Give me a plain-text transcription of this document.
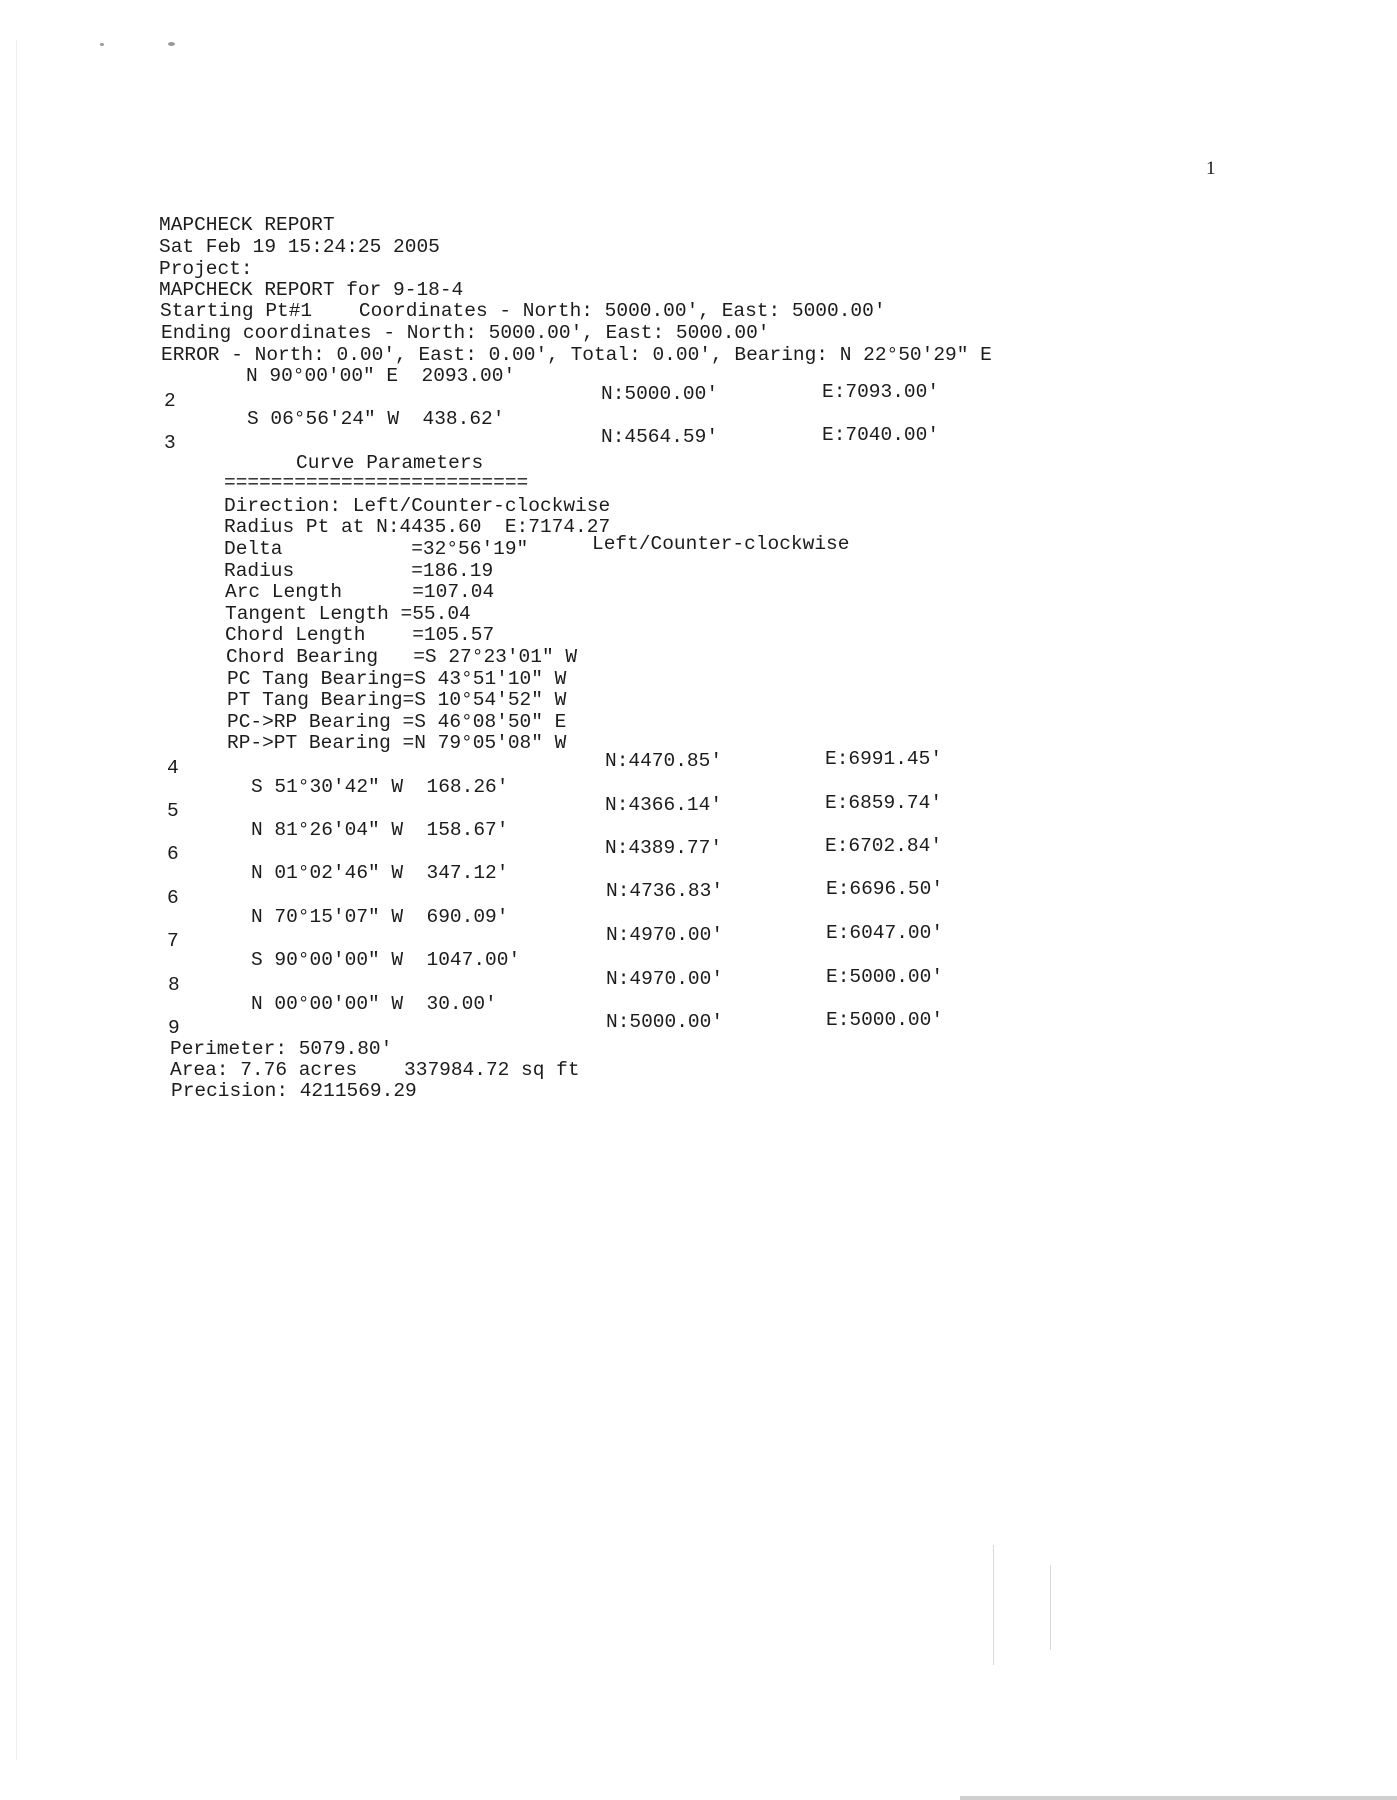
1
MAPCHECK REPORT
Sat Feb 19 15:24:25 2005
Project:
MAPCHECK REPORT for 9-18-4
Starting Pt#1    Coordinates - North: 5000.00', East: 5000.00'
Ending coordinates - North: 5000.00', East: 5000.00'
ERROR - North: 0.00', East: 0.00', Total: 0.00', Bearing: N 22°50'29" E
N 90°00'00" E  2093.00'
2	N:5000.00'	E:7093.00'
S 06°56'24" W  438.62'
3	N:4564.59'	E:7040.00'
Curve Parameters
==========================
Direction: Left/Counter-clockwise
Radius Pt at N:4435.60  E:7174.27
Delta           =32°56'19"	Left/Counter-clockwise
Radius          =186.19
Arc Length      =107.04
Tangent Length =55.04
Chord Length    =105.57
Chord Bearing   =S 27°23'01" W
PC Tang Bearing=S 43°51'10" W
PT Tang Bearing=S 10°54'52" W
PC->RP Bearing =S 46°08'50" E
RP->PT Bearing =N 79°05'08" W
4	N:4470.85'	E:6991.45'
S 51°30'42" W  168.26'
5	N:4366.14'	E:6859.74'
N 81°26'04" W  158.67'
6	N:4389.77'	E:6702.84'
N 01°02'46" W  347.12'
6	N:4736.83'	E:6696.50'
N 70°15'07" W  690.09'
7	N:4970.00'	E:6047.00'
S 90°00'00" W  1047.00'
8	N:4970.00'	E:5000.00'
N 00°00'00" W  30.00'
9	N:5000.00'	E:5000.00'
Perimeter: 5079.80'
Area: 7.76 acres    337984.72 sq ft
Precision: 4211569.29
